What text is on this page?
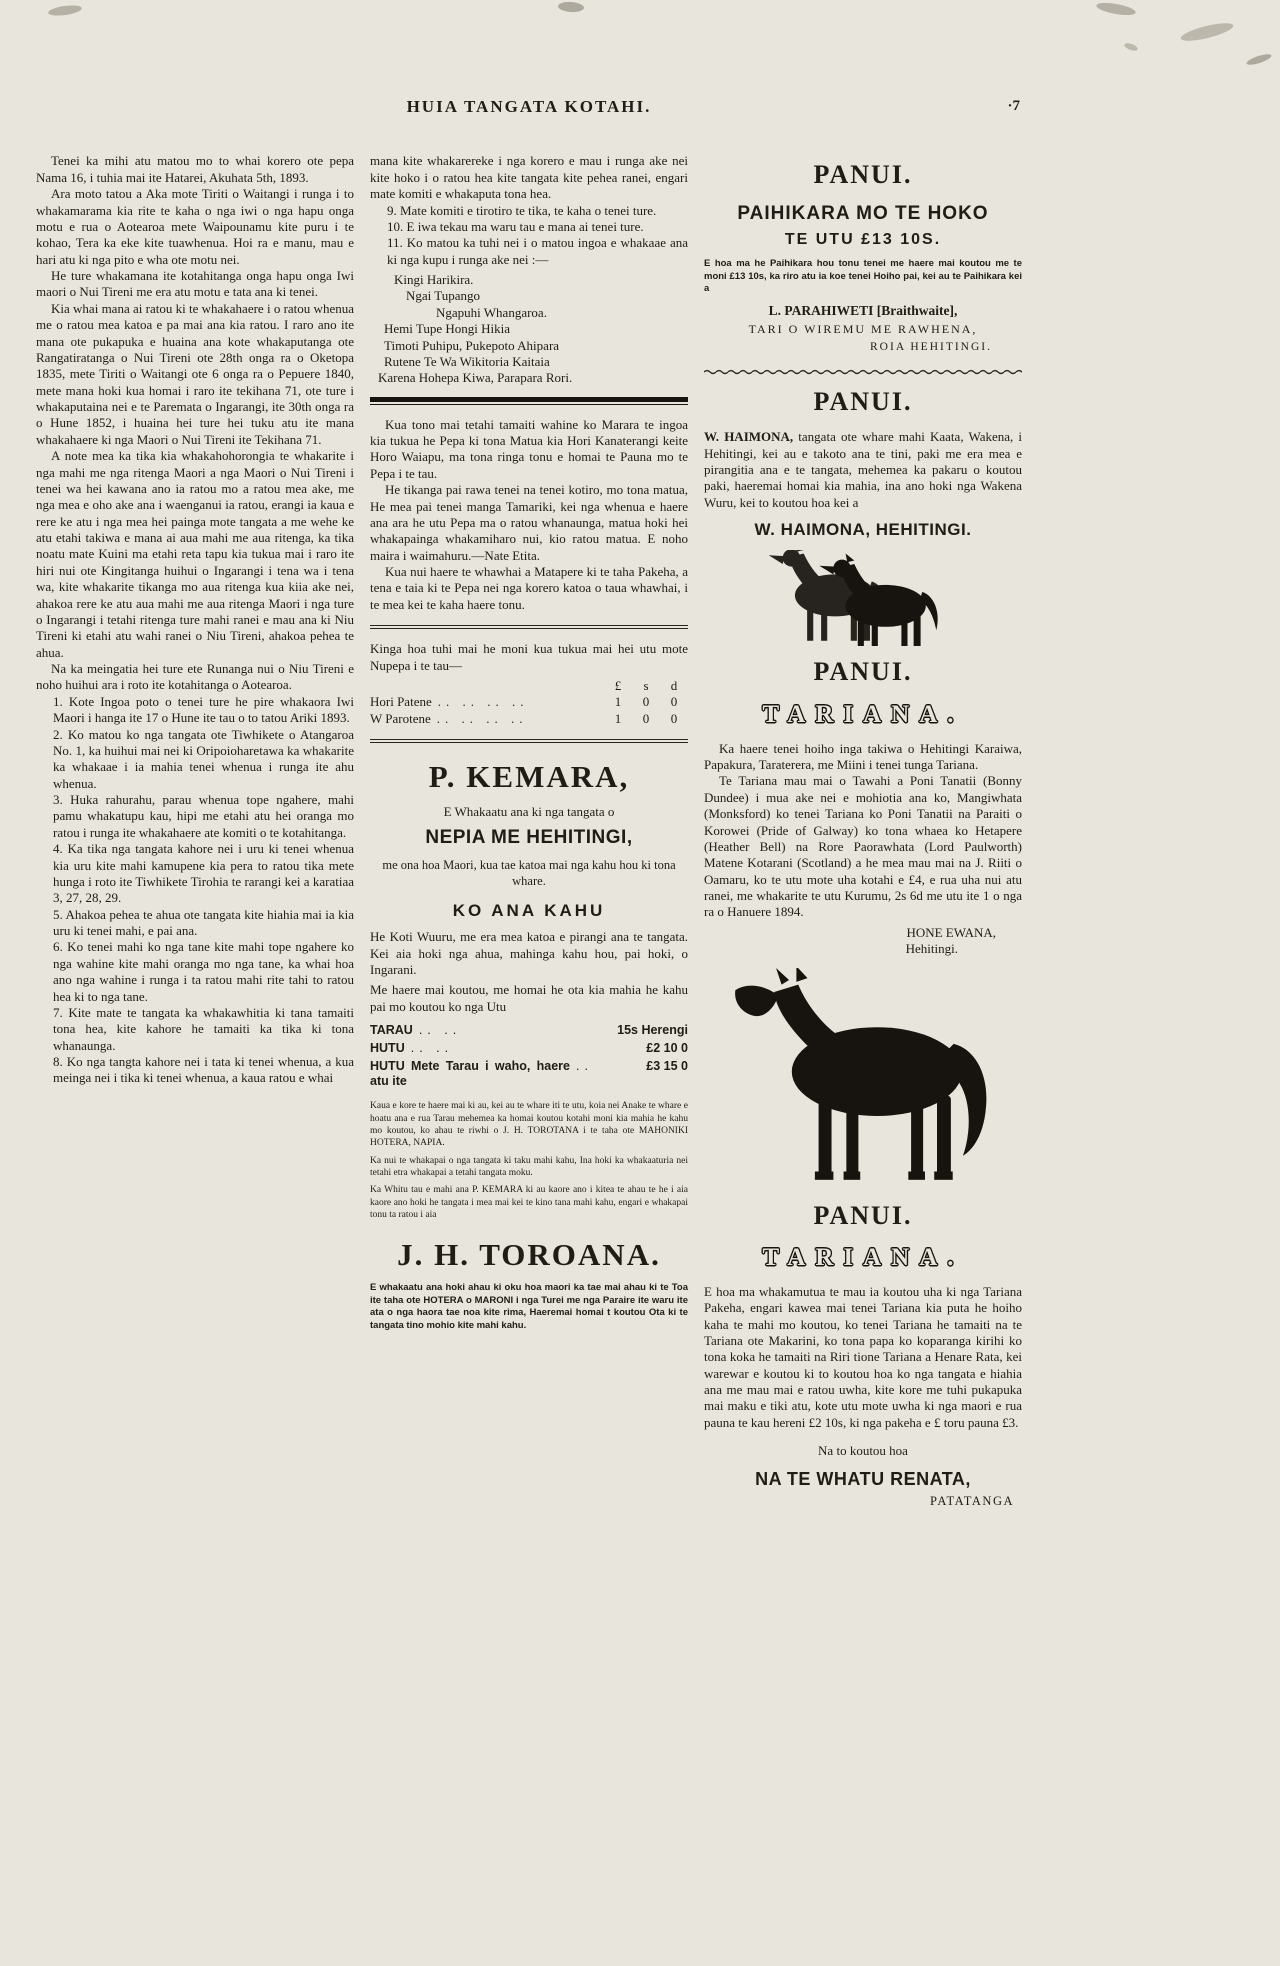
HUIA TANGATA KOTAHI.	·7

Tenei ka mihi atu matou mo to whai korero ote pepa Nama 16, i tuhia mai ite Hatarei, Akuhata 5th, 1893.

Ara moto tatou a Aka mote Tiriti o Waitangi i runga i to whakamarama kia rite te kaha o nga iwi o nga hapu onga motu e rua o Aotearoa mete Waipounamu kite puru i te kohao, Tera ka eke kite tuawhenua. Hoi ra e manu, mau e hari atu ki nga pito e wha ote motu nei.

He ture whakamana ite kotahitanga onga hapu onga Iwi maori o Nui Tireni me era atu motu e tata ana ki tenei.

Kia whai mana ai ratou ki te whakahaere i o ratou whenua me o ratou mea katoa e pa mai ana kia ratou. I raro ano ite mana ote pukapuka e huaina ana kote whakaputanga ote Rangatiratanga o Nui Tireni ote 28th onga ra o Oketopa 1835, mete Tiriti o Waitangi ote 6 onga ra o Pepuere 1840, mete mana hoki kua homai i raro ite tekihana 71, ote ture i whakaputaina nei e te Paremata o Ingarangi, ite 30th onga ra o Hune 1852, i huaina hei ture hei tuku atu ite mana whakahaere ki nga Maori o Nui Tireni ite Tekihana 71.

A note mea ka tika kia whakahohorongia te whakarite i nga mahi me nga ritenga Maori a nga Maori o Nui Tireni i tenei wa hei kawana ano ia ratou mo a ratou mea ake, me nga mea e oho ake ana i waenganui ia ratou, erangi ia kaua e rere ke atu i nga mea hei painga mote tangata a me wehe ke atu etahi takiwa e mana ai aua mahi me aua ritenga, ka tika noatu mate Kuini ma etahi reta tapu kia tukua mai i raro ite hiri nui ote Kingitanga huihui o Ingarangi i tena wa i tena wa, kite whakarite tikanga mo aua ritenga kua kiia ake nei, ahakoa rere ke atu aua mahi me aua ritenga Maori i nga ture o Ingarangi i tetahi ritenga ture mahi ranei e mau ana ki Niu Tireni ki etahi atu wahi ranei o Niu Tireni, ahakoa pehea te ahua.

Na ka meingatia hei ture ete Runanga nui o Niu Tireni e noho huihui ara i roto ite kotahitanga o Aotearoa.

1. Kote Ingoa poto o tenei ture he pire whakaora Iwi Maori i hanga ite 17 o Hune ite tau o to tatou Ariki 1893.

2. Ko matou ko nga tangata ote Tiwhikete o Atangaroa No. 1, ka huihui mai nei ki Oripoioharetawa ka whakarite ka whakaae i ia mahia tenei whenua i runga ite ahu whenua.

3. Huka rahurahu, parau whenua tope ngahere, mahi pamu whakatupu kau, hipi me etahi atu hei oranga mo ratou i runga ite whakahaere ate komiti o te kotahitanga.

4. Ka tika nga tangata kahore nei i uru ki tenei whenua kia uru kite mahi kamupene kia pera to ratou tika mete hunga i roto ite Tiwhikete Tirohia te rarangi kei a karatiaa 3, 27, 28, 29.

5. Ahakoa pehea te ahua ote tangata kite hiahia mai ia kia uru ki tenei mahi, e pai ana.

6. Ko tenei mahi ko nga tane kite mahi tope ngahere ko nga wahine kite mahi oranga mo nga tane, ka whai hoa ano nga wahine i runga i ta ratou mahi rite tahi to ratou hea ki to nga tane.

7. Kite mate te tangata ka whakawhitia ki tana tamaiti tona hea, kite kahore he tamaiti ka tika ki tona whanaunga.

8. Ko nga tangta kahore nei i tata ki tenei whenua, a kua meinga nei i tika ki tenei whenua, a kaua ratou e whai

mana kite whakarereke i nga korero e mau i runga ake nei kite hoko i o ratou hea kite tangata kite pehea ranei, engari mate komiti e whakaputa tona hea.

9. Mate komiti e tirotiro te tika, te kaha o tenei ture.

10. E iwa tekau ma waru tau e mana ai tenei ture.

11. Ko matou ka tuhi nei i o matou ingoa e whakaae ana ki nga kupu i runga ake nei :—

Kingi Harikira.
Ngai Tupango
Ngapuhi Whangaroa.
Hemi Tupe Hongi Hikia
Timoti Puhipu, Pukepoto Ahipara
Rutene Te Wa Wikitoria Kaitaia
Karena Hohepa Kiwa, Parapara Rori.

Kua tono mai tetahi tamaiti wahine ko Marara te ingoa kia tukua he Pepa ki tona Matua kia Hori Kanaterangi keite Horo Waiapu, ma tona ringa tonu e homai te Pauna mo te Pepa i te tau.

He tikanga pai rawa tenei na tenei kotiro, mo tona matua, He mea pai tenei manga Tamariki, kei nga whenua e haere ana ara he utu Pepa ma o ratou whanaunga, matua hoki hei whakapainga whakamiharo nui, kio ratou matua. E noho maira i waimahuru.—Nate Etita.

Kua nui haere te whawhai a Matapere ki te taha Pakeha, a tena e taia ki te Pepa nei nga korero katoa o taua whawhai, i te mea kei te kaha haere tonu.

Kinga hoa tuhi mai he moni kua tukua mai hei utu mote Nupepa i te tau—

£	s	d
Hori Patene .. .. .. ..	1	0	0
W Parotene .. .. .. ..	1	0	0
P. KEMARA,
E Whakaatu ana ki nga tangata o
NEPIA ME HEHITINGI,
me ona hoa Maori, kua tae katoa mai nga kahu hou ki tona whare.
KO ANA KAHU

He Koti Wuuru, me era mea katoa e pirangi ana te tangata. Kei aia hoki nga ahua, mahinga kahu hou, pai hoki, o Ingarani.

Me haere mai koutou, me homai he ota kia mahia he kahu pai mo koutou ko nga Utu

TARAU .. ..	15s Herengi
HUTU .. ..	£2 10 0
HUTU Mete Tarau i waho, haere atu ite
..	£3 15 0

Kaua e kore te haere mai ki au, kei au te whare iti te utu, koia nei Anake te whare e hoatu ana e rua Tarau mehemea ka homai koutou kotahi moni kia mahia he kahu mo koutou, ko ahau te riwhi o J. H. TOROTANA i te taha ote MAHONIKI HOTERA, NAPIA.

Ka nui te whakapai o nga tangata ki taku mahi kahu, Ina hoki ka whakaaturia nei tetahi etra whakapai a tetahi tangata moku.

Ka Whitu tau e mahi ana P. KEMARA ki au kaore ano i kitea te ahau te he i aia kaore ano hoki he tangata i mea mai kei te kino tana mahi kahu, engari e whakapai tonu ta ratou i aia

J. H. TOROANA.

E whakaatu ana hoki ahau ki oku hoa maori ka tae mai ahau ki te Toa ite taha ote HOTERA o MARONI i nga Turei me nga Paraire ite waru ite ata o nga haora tae noa kite rima, Haeremai homai t koutou Ota ki te tangata tino mohio kite mahi kahu.

PANUI.
PAIHIKARA MO TE HOKO
TE UTU £13 10S.

E hoa ma he Paihikara hou tonu tenei me haere mai koutou me te moni £13 10s, ka riro atu ia koe tenei Hoiho pai, kei au te Paihikara kei a

L. PARAHIWETI [Braithwaite],
TARI O WIREMU ME RAWHENA,
ROIA HEHITINGI.
PANUI.

W. HAIMONA, tangata ote whare mahi Kaata, Wakena, i Hehitingi, kei au e takoto ana te tini, paki me era mea e pirangitia ana e te tangata, mehemea ka pakaru o koutou paki, haeremai homai kia mahia, ina ano hoki nga Wakena Wuru, kei to koutou hoa kei a

W. HAIMONA, HEHITINGI.
PANUI.
TARIANA.

Ka haere tenei hoiho inga takiwa o Hehitingi Karaiwa, Papakura, Taraterera, me Miini i tenei tunga Tariana.

Te Tariana mau mai o Tawahi a Poni Tanatii (Bonny Dundee) i mua ake nei e mohiotia ana ko, Mangiwhata (Monksford) ko tenei Tariana ko Poni Tanatii na Paraiti o Korowei (Pride of Galway) ko tona whaea ko Hetapere (Heather Bell) na Rore Paorawhata (Lord Paulworth) Matene Kotarani (Scotland) a he mea mau mai na J. Riiti o Oamaru, ko te utu mote uha kotahi e £4, e rua uha nui atu ranei, me whakarite te utu Kurumu, 2s 6d me utu ite 1 o nga ra o Hanuere 1894.

HONE EWANA,
Hehitingi.
PANUI.
TARIANA.

E hoa ma whakamutua te mau ia koutou uha ki nga Tariana Pakeha, engari kawea mai tenei Tariana kia puta he hoiho kaha te mahi mo koutou, ko tenei Tariana he tamaiti na te Tariana ote Makarini, ko tona papa ko koparanga kirihi ko tona koka he tamaiti na Riri tione Tariana a Henare Rata, kei warewar e koutou ki to koutou hoa ko nga tangata e hiahia ana me mau mai e ratou uwha, kite kore me tuhi pukapuka mai maku e tiki atu, kote utu mote uwha ki nga maori e rua pauna te kau hereni £2 10s, ki nga pakeha e £ toru pauna £3.

Na to koutou hoa
NA TE WHATU RENATA,
PATATANGA
